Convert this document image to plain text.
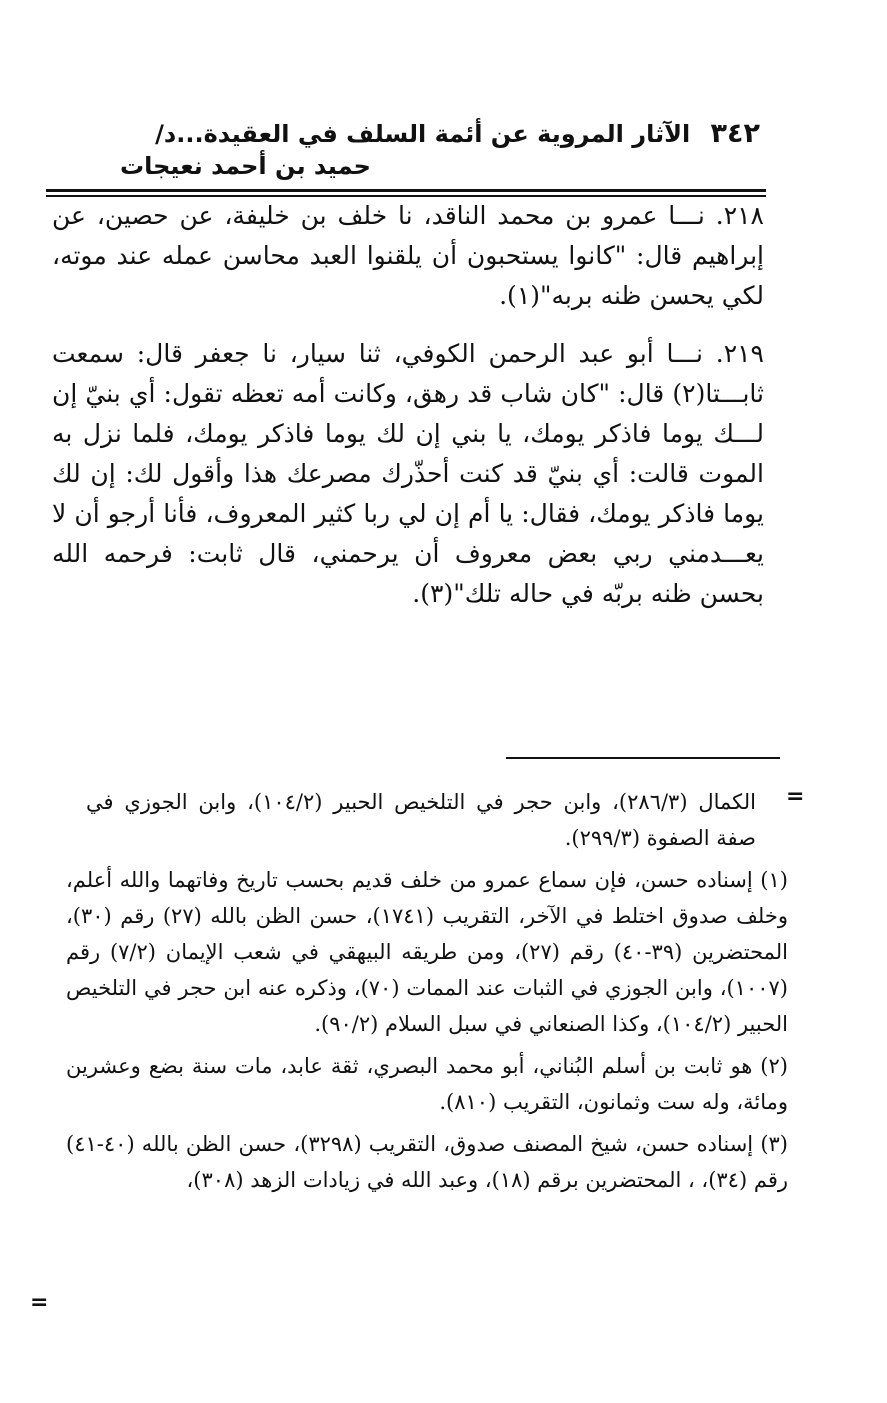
٣٤٢ الآثار المروية عن أئمة السلف في العقيدة...د/
حميد بن أحمد نعيجات

٢١٨. نـــا عمرو بن محمد الناقد، نا خلف بن خليفة، عن حصين، عن إبراهيم قال: "كانوا يستحبون أن يلقنوا العبد محاسن عمله عند موته، لكي يحسن ظنه بربه"(١).

٢١٩. نـــا أبو عبد الرحمن الكوفي، ثنا سيار، نا جعفر قال: سمعت ثابـــتا(٢) قال: "كان شاب قد رهق، وكانت أمه تعظه تقول: أي بنيّ إن لـــك يوما فاذكر يومك، يا بني إن لك يوما فاذكر يومك، فلما نزل به الموت قالت: أي بنيّ قد كنت أحذّرك مصرعك هذا وأقول لك: إن لك يوما فاذكر يومك، فقال: يا أم إن لي ربا كثير المعروف، فأنا أرجو أن لا يعـــدمني ربي بعض معروف أن يرحمني، قال ثابت: فرحمه الله بحسن ظنه بربّه في حاله تلك"(٣).

=

الكمال (٢٨٦/٣)، وابن حجر في التلخيص الحبير (١٠٤/٢)، وابن الجوزي في صفة الصفوة (٢٩٩/٣).

(١) إسناده حسن، فإن سماع عمرو من خلف قديم بحسب تاريخ وفاتهما والله أعلم، وخلف صدوق اختلط في الآخر، التقريب (١٧٤١)، حسن الظن بالله (٢٧) رقم (٣٠)، المحتضرين (٣٩-٤٠) رقم (٢٧)، ومن طريقه البيهقي في شعب الإيمان (٧/٢) رقم (١٠٠٧)، وابن الجوزي في الثبات عند الممات (٧٠)، وذكره عنه ابن حجر في التلخيص الحبير (١٠٤/٢)، وكذا الصنعاني في سبل السلام (٩٠/٢).

(٢) هو ثابت بن أسلم البُناني، أبو محمد البصري، ثقة عابد، مات سنة بضع وعشرين ومائة، وله ست وثمانون، التقريب (٨١٠).

(٣) إسناده حسن، شيخ المصنف صدوق، التقريب (٣٢٩٨)، حسن الظن بالله (٤٠-٤١) رقم (٣٤)، ، المحتضرين برقم (١٨)، وعبد الله في زيادات الزهد (٣٠٨)،

=
